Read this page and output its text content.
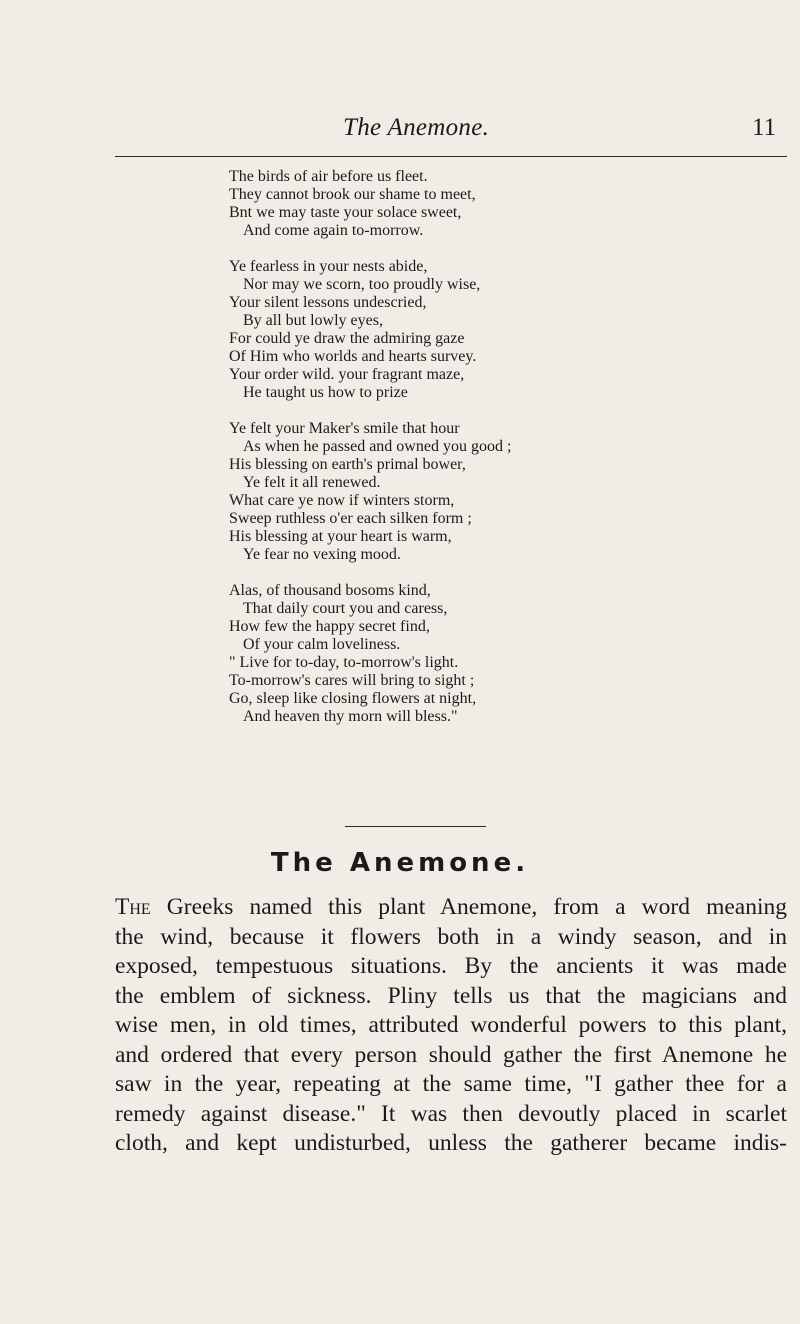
The Anemone.	11
The birds of air before us fleet.
They cannot brook our shame to meet,
Bnt we may taste your solace sweet,
And come again to-morrow.
Ye fearless in your nests abide,
Nor may we scorn, too proudly wise,
Your silent lessons undescried,
By all but lowly eyes,
For could ye draw the admiring gaze
Of Him who worlds and hearts survey.
Your order wild. your fragrant maze,
He taught us how to prize
Ye felt your Maker's smile that hour
As when he passed and owned you good ;
His blessing on earth's primal bower,
Ye felt it all renewed.
What care ye now if winters storm,
Sweep ruthless o'er each silken form ;
His blessing at your heart is warm,
Ye fear no vexing mood.
Alas, of thousand bosoms kind,
That daily court you and caress,
How few the happy secret find,
Of your calm loveliness.
" Live for to-day, to-morrow's light.
To-morrow's cares will bring to sight ;
Go, sleep like closing flowers at night,
And heaven thy morn will bless."
The Anemone.
The Greeks named this plant Anemone, from a word meaning
the wind, because it flowers both in a windy season, and in
exposed, tempestuous situations. By the ancients it was made
the emblem of sickness. Pliny tells us that the magicians and
wise men, in old times, attributed wonderful powers to this plant,
and ordered that every person should gather the first Anemone he
saw in the year, repeating at the same time, "I gather thee for a
remedy against disease." It was then devoutly placed in scarlet
cloth, and kept undisturbed, unless the gatherer became indis-
